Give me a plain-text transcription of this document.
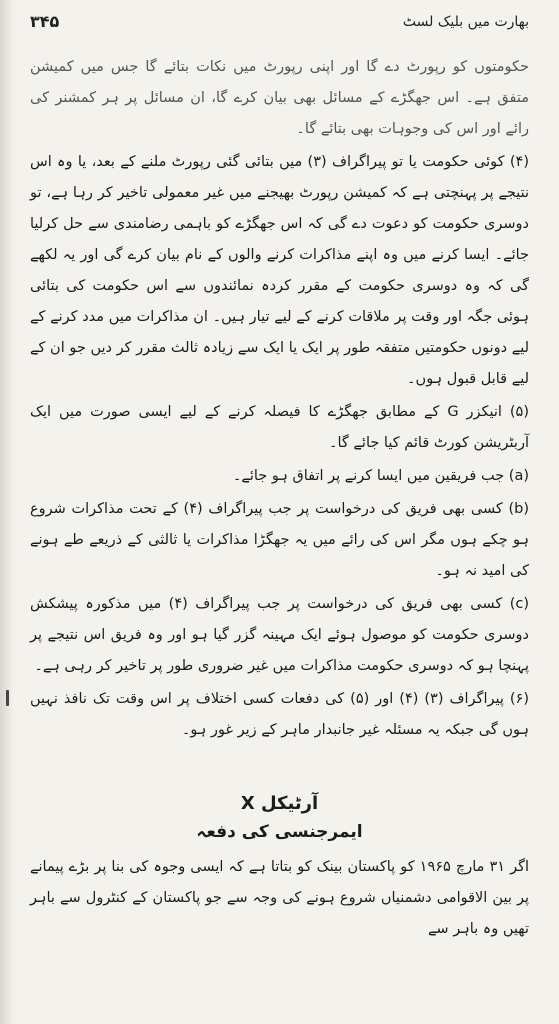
۳۴۵	بھارت میں بلیک لسٹ

حکومتوں کو رپورٹ دے گا اور اپنی رپورٹ میں نکات بتائے گا جس میں کمیشن متفق ہے۔ اس جھگڑے کے مسائل بھی بیان کرے گا، ان مسائل پر ہر کمشنر کی رائے اور اس کی وجوہات بھی بتائے گا۔

(۴) کوئی حکومت یا تو پیراگراف (۳) میں بتائی گئی رپورٹ ملنے کے بعد، یا وہ اس نتیجے پر پہنچتی ہے کہ کمیشن رپورٹ بھیجنے میں غیر معمولی تاخیر کر رہا ہے، تو دوسری حکومت کو دعوت دے گی کہ اس جھگڑے کو باہمی رضامندی سے حل کرلیا جائے۔ ایسا کرنے میں وہ اپنے مذاکرات کرنے والوں کے نام بیان کرے گی اور یہ لکھے گی کہ وہ دوسری حکومت کے مقرر کردہ نمائندوں سے اس حکومت کی بتائی ہوئی جگہ اور وقت پر ملاقات کرنے کے لیے تیار ہیں۔ ان مذاکرات میں مدد کرنے کے لیے دونوں حکومتیں متفقہ طور پر ایک یا ایک سے زیادہ ثالث مقرر کر دیں جو ان کے لیے قابل قبول ہوں۔

(۵) انیکزر G کے مطابق جھگڑے کا فیصلہ کرنے کے لیے ایسی صورت میں ایک آربٹریشن کورٹ قائم کیا جائے گا۔

(a) جب فریقین میں ایسا کرنے پر اتفاق ہو جائے۔

(b) کسی بھی فریق کی درخواست پر جب پیراگراف (۴) کے تحت مذاکرات شروع ہو چکے ہوں مگر اس کی رائے میں یہ جھگڑا مذاکرات یا ثالثی کے ذریعے طے ہونے کی امید نہ ہو۔

(c) کسی بھی فریق کی درخواست پر جب پیراگراف (۴) میں مذکورہ پیشکش دوسری حکومت کو موصول ہوئے ایک مہینہ گزر گیا ہو اور وہ فریق اس نتیجے پر پہنچا ہو کہ دوسری حکومت مذاکرات میں غیر ضروری طور پر تاخیر کر رہی ہے۔

(۶) پیراگراف (۳) (۴) اور (۵) کی دفعات کسی اختلاف پر اس وقت تک نافذ نہیں ہوں گی جبکہ یہ مسئلہ غیر جانبدار ماہر کے زیر غور ہو۔

آرٹیکل X
ایمرجنسی کی دفعہ

اگر ۳۱ مارچ ۱۹۶۵ کو پاکستان بینک کو بتاتا ہے کہ ایسی وجوہ کی بنا پر بڑے پیمانے پر بین الاقوامی دشمنیاں شروع ہونے کی وجہ سے جو پاکستان کے کنٹرول سے باہر تھیں وہ باہر سے
